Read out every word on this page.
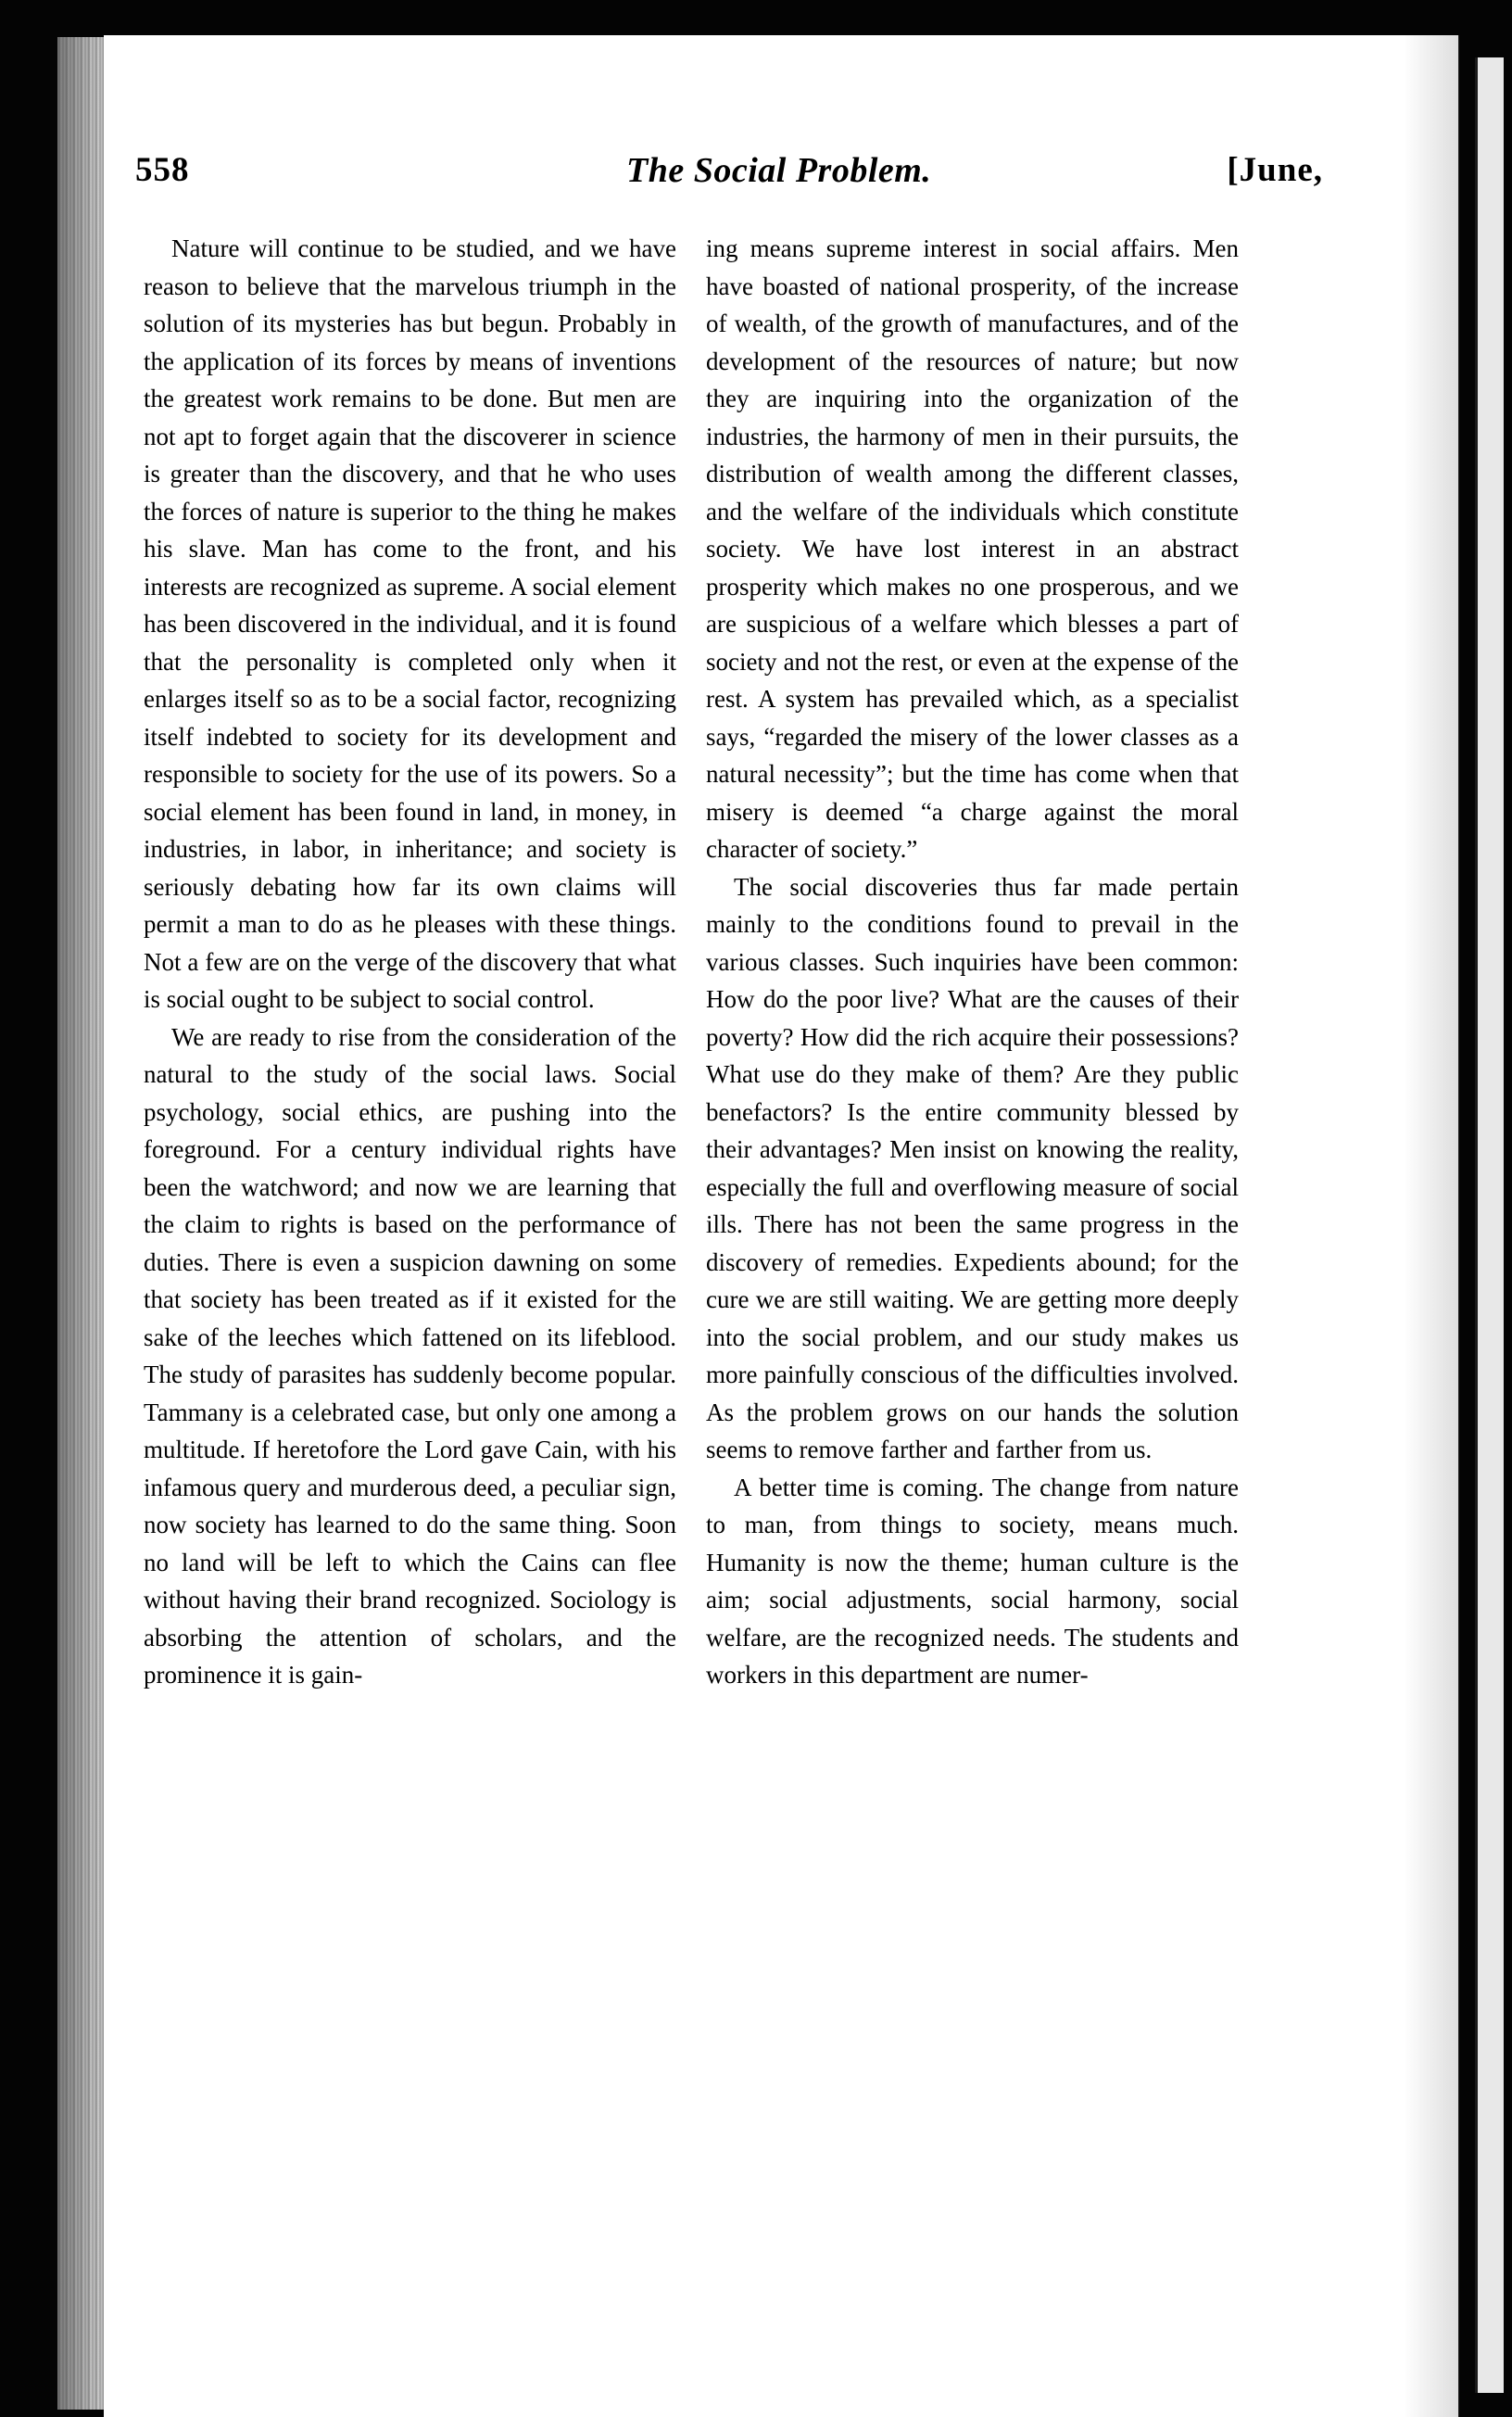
558	The Social Problem.	[June,

Nature will continue to be studied, and we have reason to believe that the marvelous triumph in the solution of its mysteries has but begun. Probably in the application of its forces by means of inventions the greatest work remains to be done. But men are not apt to forget again that the discoverer in science is greater than the discovery, and that he who uses the forces of nature is superior to the thing he makes his slave. Man has come to the front, and his interests are recognized as supreme. A social element has been discovered in the individual, and it is found that the personality is completed only when it enlarges itself so as to be a social factor, recognizing itself indebted to society for its development and responsible to society for the use of its powers. So a social element has been found in land, in money, in industries, in labor, in inheritance; and society is seriously debating how far its own claims will permit a man to do as he pleases with these things. Not a few are on the verge of the discovery that what is social ought to be subject to social control.

We are ready to rise from the consideration of the natural to the study of the social laws. Social psychology, social ethics, are pushing into the foreground. For a century individual rights have been the watchword; and now we are learning that the claim to rights is based on the performance of duties. There is even a suspicion dawning on some that society has been treated as if it existed for the sake of the leeches which fattened on its lifeblood. The study of parasites has suddenly become popular. Tammany is a celebrated case, but only one among a multitude. If heretofore the Lord gave Cain, with his infamous query and murderous deed, a peculiar sign, now society has learned to do the same thing. Soon no land will be left to which the Cains can flee without having their brand recognized. Sociology is absorbing the attention of scholars, and the prominence it is gain-

ing means supreme interest in social affairs. Men have boasted of national prosperity, of the increase of wealth, of the growth of manufactures, and of the development of the resources of nature; but now they are inquiring into the organization of the industries, the harmony of men in their pursuits, the distribution of wealth among the different classes, and the welfare of the individuals which constitute society. We have lost interest in an abstract prosperity which makes no one prosperous, and we are suspicious of a welfare which blesses a part of society and not the rest, or even at the expense of the rest. A system has prevailed which, as a specialist says, “regarded the misery of the lower classes as a natural necessity”; but the time has come when that misery is deemed “a charge against the moral character of society.”

The social discoveries thus far made pertain mainly to the conditions found to prevail in the various classes. Such inquiries have been common: How do the poor live? What are the causes of their poverty? How did the rich acquire their possessions? What use do they make of them? Are they public benefactors? Is the entire community blessed by their advantages? Men insist on knowing the reality, especially the full and overflowing measure of social ills. There has not been the same progress in the discovery of remedies. Expedients abound; for the cure we are still waiting. We are getting more deeply into the social problem, and our study makes us more painfully conscious of the difficulties involved. As the problem grows on our hands the solution seems to remove farther and farther from us.

A better time is coming. The change from nature to man, from things to society, means much. Humanity is now the theme; human culture is the aim; social adjustments, social harmony, social welfare, are the recognized needs. The students and workers in this department are numer-
